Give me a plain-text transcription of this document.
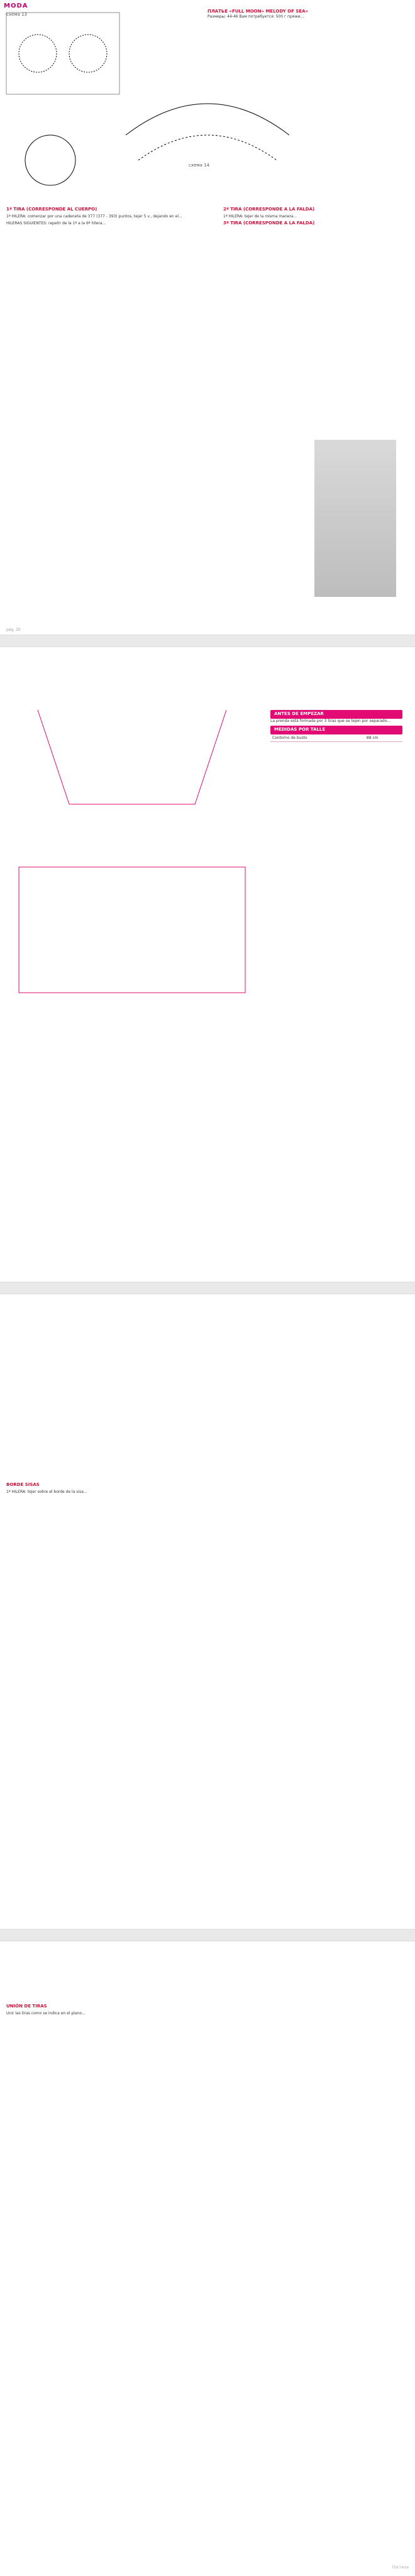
MODA
схема 13
схема 14
ПЛАТЬЕ «FULL MOON» MELODY OF SEA»

Размеры: 44-46 Вам потребуется: 500 г пряжи...

1ª TIRA (CORRESPONDE AL CUERPO)

1ª HILERA: comenzar por una cadeneta de 377 (377 - 393) puntos, tejer 5 v., dejando en el...

HILERAS SIGUIENTES: repetir de la 1ª a la 6ª hilera...

2ª TIRA (CORRESPONDE A LA FALDA)

1ª HILERA: tejer de la misma manera...

3ª TIRA (CORRESPONDE A LA FALDA)
pág. 20
ANTES DE EMPEZAR

La prenda está formada por 3 tiras que se tejen por separado...

MEDIDAS POR TALLE
Contorno de busto	88 cm
BORDE SISAS

1ª HILERA: tejer sobre el borde de la sisa...

UNIÓN DE TIRAS

Unir las tiras como se indica en el plano...

Постила
